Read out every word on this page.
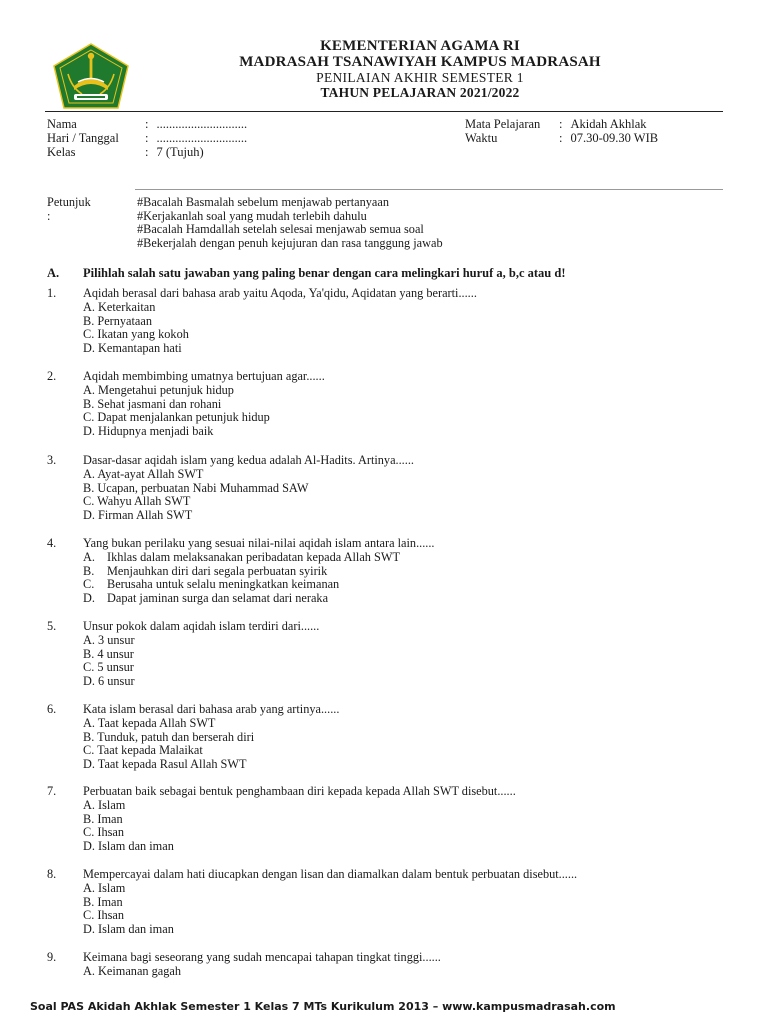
KEMENTERIAN AGAMA RI
MADRASAH TSANAWIYAH KAMPUS MADRASAH
PENILAIAN AKHIR SEMESTER 1
TAHUN PELAJARAN 2021/2022
Nama	: .............................
Hari / Tanggal	: .............................
Kelas	: 7 (Tujuh)
Mata Pelajaran	: Akidah Akhlak
Waktu	: 07.30-09.30 WIB
Petunjuk :
#Bacalah Basmalah sebelum menjawab pertanyaan
#Kerjakanlah soal yang mudah terlebih dahulu
#Bacalah Hamdallah setelah selesai menjawab semua soal
#Bekerjalah dengan penuh kejujuran dan rasa tanggung jawab
A. Pilihlah salah satu jawaban yang paling benar dengan cara melingkari huruf a, b,c atau d!
1. Aqidah berasal dari bahasa arab yaitu Aqoda, Ya'qidu, Aqidatan yang berarti......
A. Keterkaitan
B. Pernyataan
C. Ikatan yang kokoh
D. Kemantapan hati
2. Aqidah membimbing umatnya bertujuan agar......
A. Mengetahui petunjuk hidup
B. Sehat jasmani dan rohani
C. Dapat menjalankan petunjuk hidup
D. Hidupnya menjadi baik
3. Dasar-dasar aqidah islam yang kedua adalah Al-Hadits. Artinya......
A. Ayat-ayat Allah SWT
B. Ucapan, perbuatan Nabi Muhammad SAW
C. Wahyu Allah SWT
D. Firman Allah SWT
4. Yang bukan perilaku yang sesuai nilai-nilai aqidah islam antara lain......
A. Ikhlas dalam melaksanakan peribadatan kepada Allah SWT
B. Menjauhkan diri dari segala perbuatan syirik
C. Berusaha untuk selalu meningkatkan keimanan
D. Dapat jaminan surga dan selamat dari neraka
5. Unsur pokok dalam aqidah islam terdiri dari......
A. 3 unsur
B. 4 unsur
C. 5 unsur
D. 6 unsur
6. Kata islam berasal dari bahasa arab yang artinya......
A. Taat kepada Allah SWT
B. Tunduk, patuh dan berserah diri
C. Taat kepada Malaikat
D. Taat kepada Rasul Allah SWT
7. Perbuatan baik sebagai bentuk penghambaan diri kepada kepada Allah SWT disebut......
A. Islam
B. Iman
C. Ihsan
D. Islam dan iman
8. Mempercayai dalam hati diucapkan dengan lisan dan diamalkan dalam bentuk perbuatan disebut......
A. Islam
B. Iman
C. Ihsan
D. Islam dan iman
9. Keimana bagi seseorang yang sudah mencapai tahapan tingkat tinggi......
A. Keimanan gagah
Soal PAS Akidah Akhlak Semester 1 Kelas 7 MTs Kurikulum 2013 – www.kampusmadrasah.com
